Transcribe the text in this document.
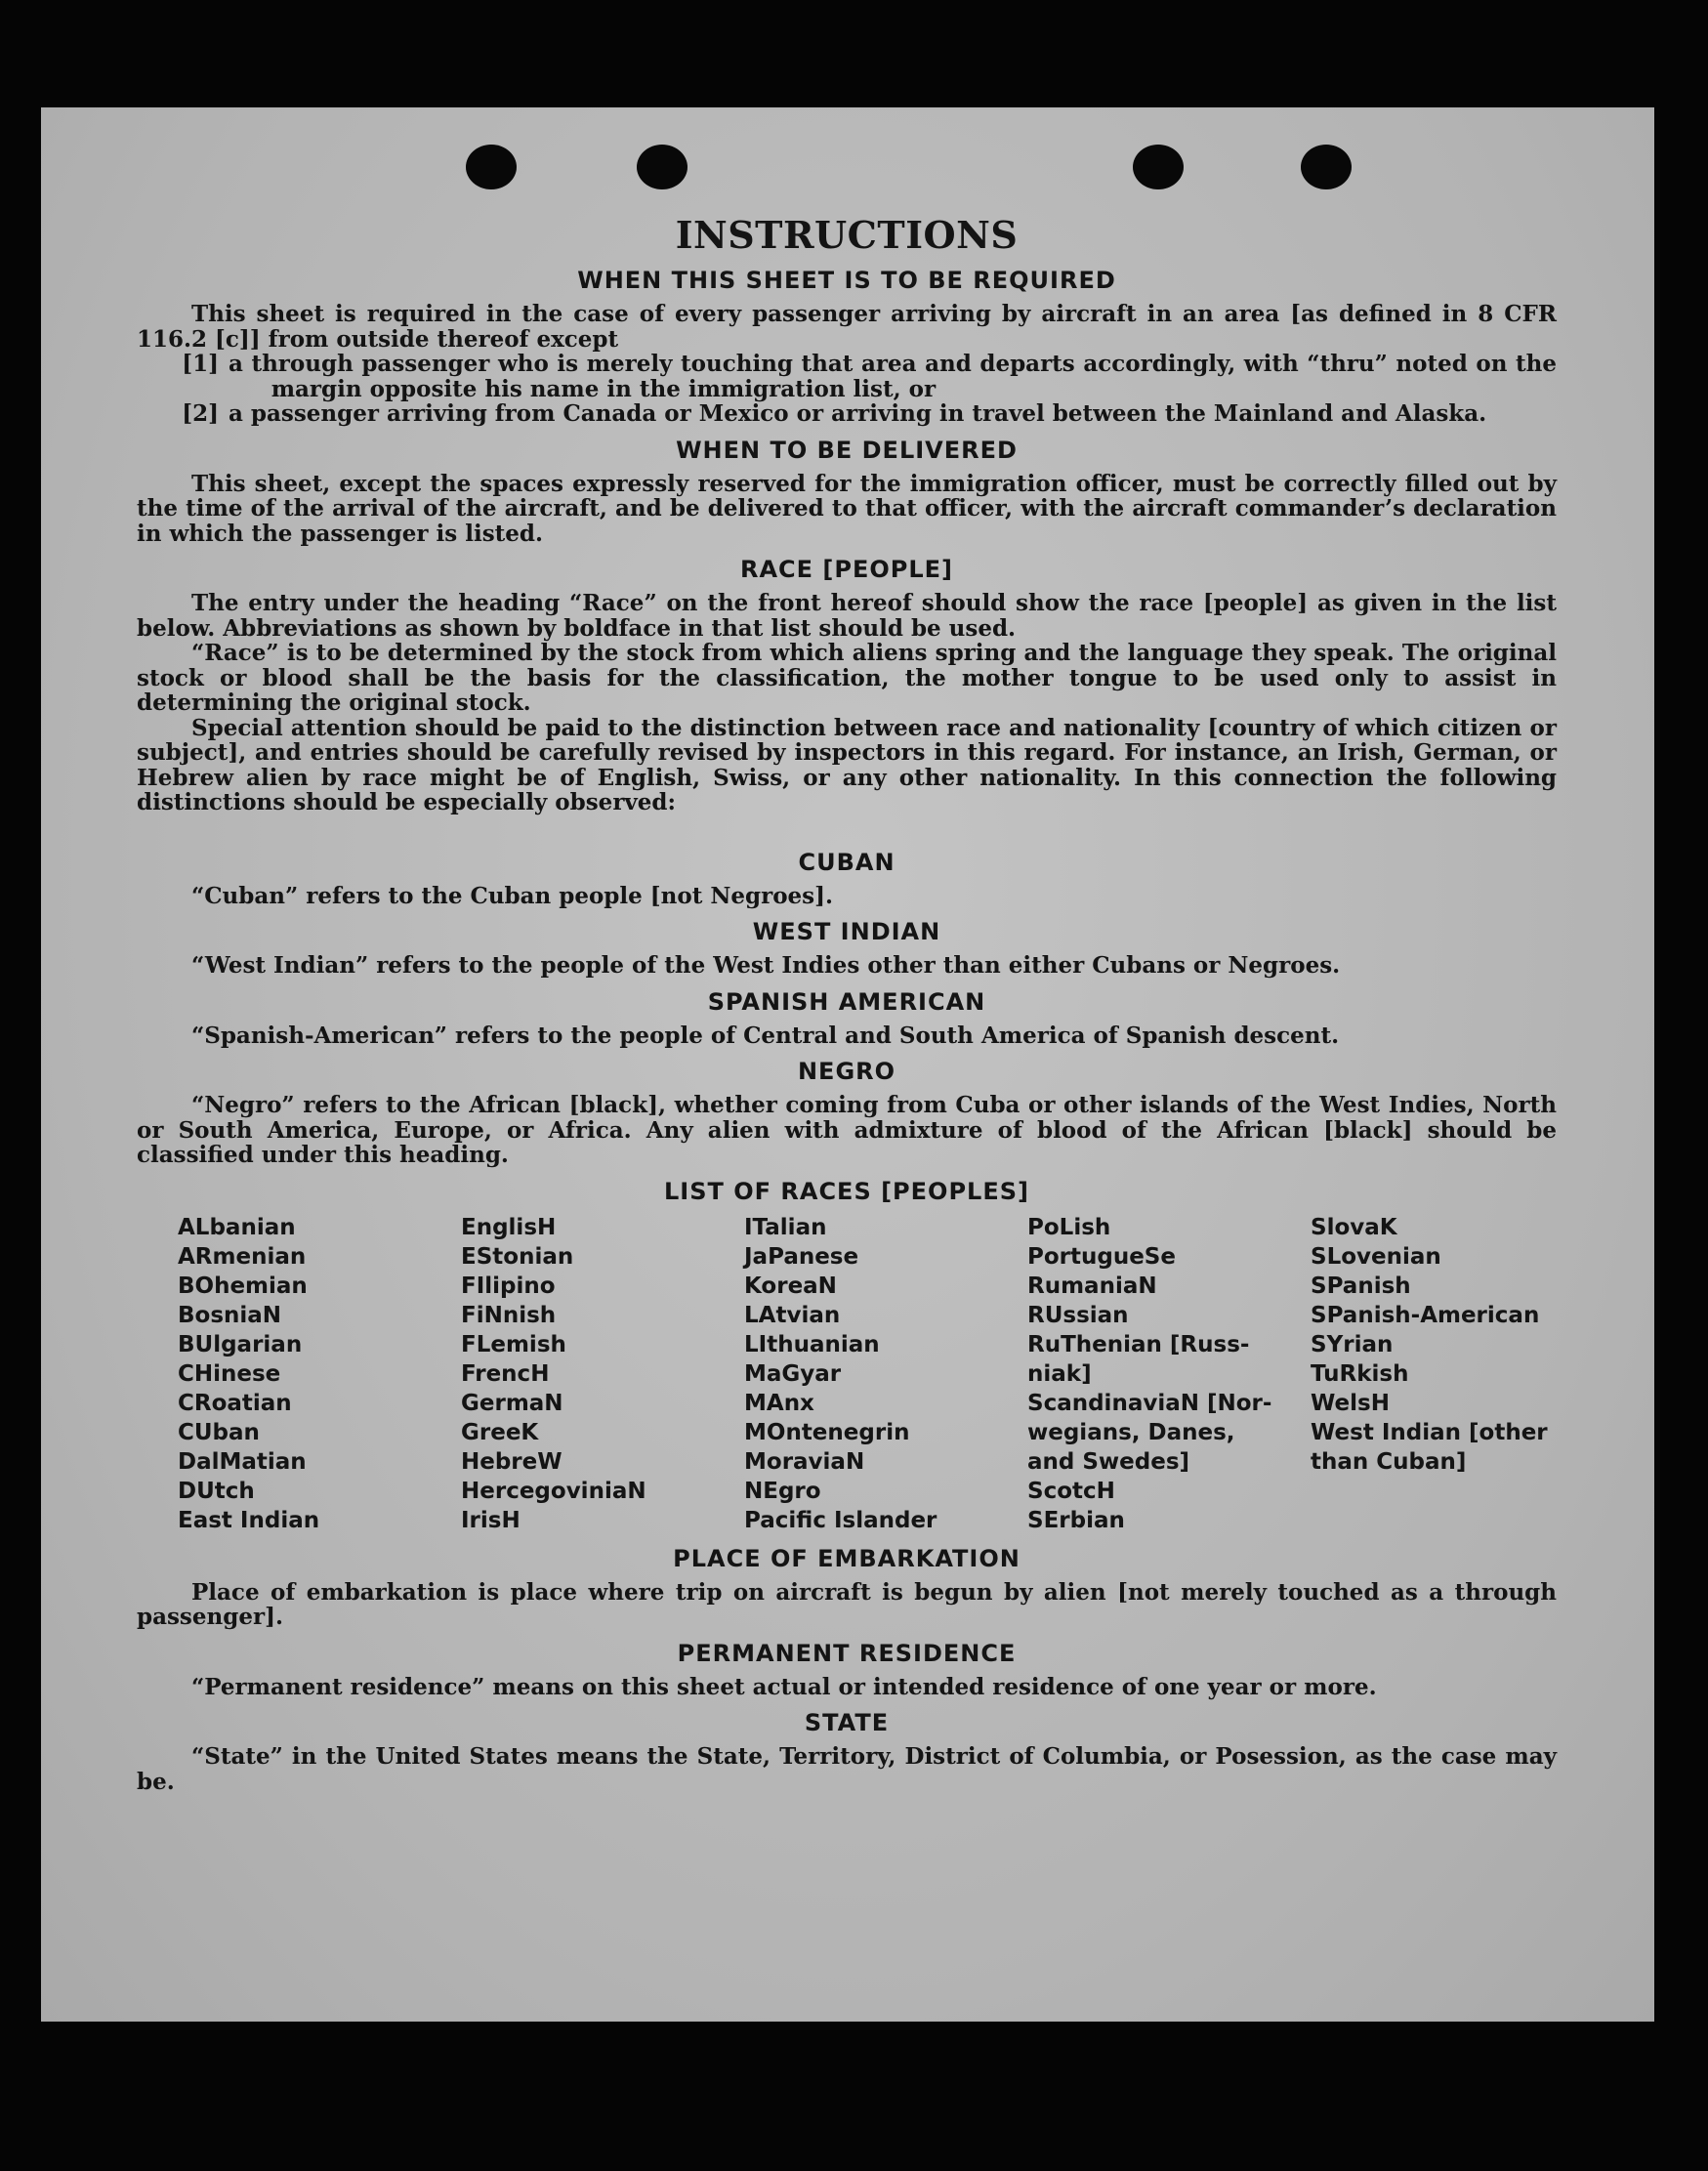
INSTRUCTIONS
WHEN THIS SHEET IS TO BE REQUIRED

This sheet is required in the case of every passenger arriving by aircraft in an area [as defined in 8 CFR 116.2 [c]] from outside thereof except

[1] a through passenger who is merely touching that area and departs accordingly, with “thru” noted on the margin opposite his name in the immigration list, or
[2] a passenger arriving from Canada or Mexico or arriving in travel between the Mainland and Alaska.
WHEN TO BE DELIVERED

This sheet, except the spaces expressly reserved for the immigration officer, must be correctly filled out by the time of the arrival of the aircraft, and be delivered to that officer, with the aircraft commander’s declaration in which the passenger is listed.

RACE [PEOPLE]

The entry under the heading “Race” on the front hereof should show the race [people] as given in the list below. Abbreviations as shown by boldface in that list should be used.

“Race” is to be determined by the stock from which aliens spring and the language they speak. The original stock or blood shall be the basis for the classification, the mother tongue to be used only to assist in determining the original stock.

Special attention should be paid to the distinction between race and nationality [country of which citizen or subject], and entries should be carefully revised by inspectors in this regard. For instance, an Irish, German, or Hebrew alien by race might be of English, Swiss, or any other nationality. In this connection the following distinctions should be especially observed:

CUBAN

“Cuban” refers to the Cuban people [not Negroes].

WEST INDIAN

“West Indian” refers to the people of the West Indies other than either Cubans or Negroes.

SPANISH AMERICAN

“Spanish-American” refers to the people of Central and South America of Spanish descent.

NEGRO

“Negro” refers to the African [black], whether coming from Cuba or other islands of the West Indies, North or South America, Europe, or Africa. Any alien with admixture of blood of the African [black] should be classified under this heading.

LIST OF RACES [PEOPLES]
ALbanian	EnglisH	ITalian	PoLish	SlovaK
ARmenian	EStonian	JaPanese	PortugueSe	SLovenian
BOhemian	FIlipino	KoreaN	RumaniaN	SPanish
BosniaN	FiNnish	LAtvian	RUssian	SPanish-American
BUlgarian	FLemish	LIthuanian	RuThenian [Russ-	SYrian
CHinese	FrencH	MaGyar	niak]	TuRkish
CRoatian	GermaN	MAnx	ScandinaviaN [Nor-	WelsH
CUban	GreeK	MOntenegrin	wegians, Danes,	West Indian [other
DalMatian	HebreW	MoraviaN	and Swedes]	than Cuban]
DUtch	HercegoviniaN	NEgro	ScotcH
East Indian	IrisH	Pacific Islander	SErbian
PLACE OF EMBARKATION

Place of embarkation is place where trip on aircraft is begun by alien [not merely touched as a through passenger].

PERMANENT RESIDENCE

“Permanent residence” means on this sheet actual or intended residence of one year or more.

STATE

“State” in the United States means the State, Territory, District of Columbia, or Posession, as the case may be.
